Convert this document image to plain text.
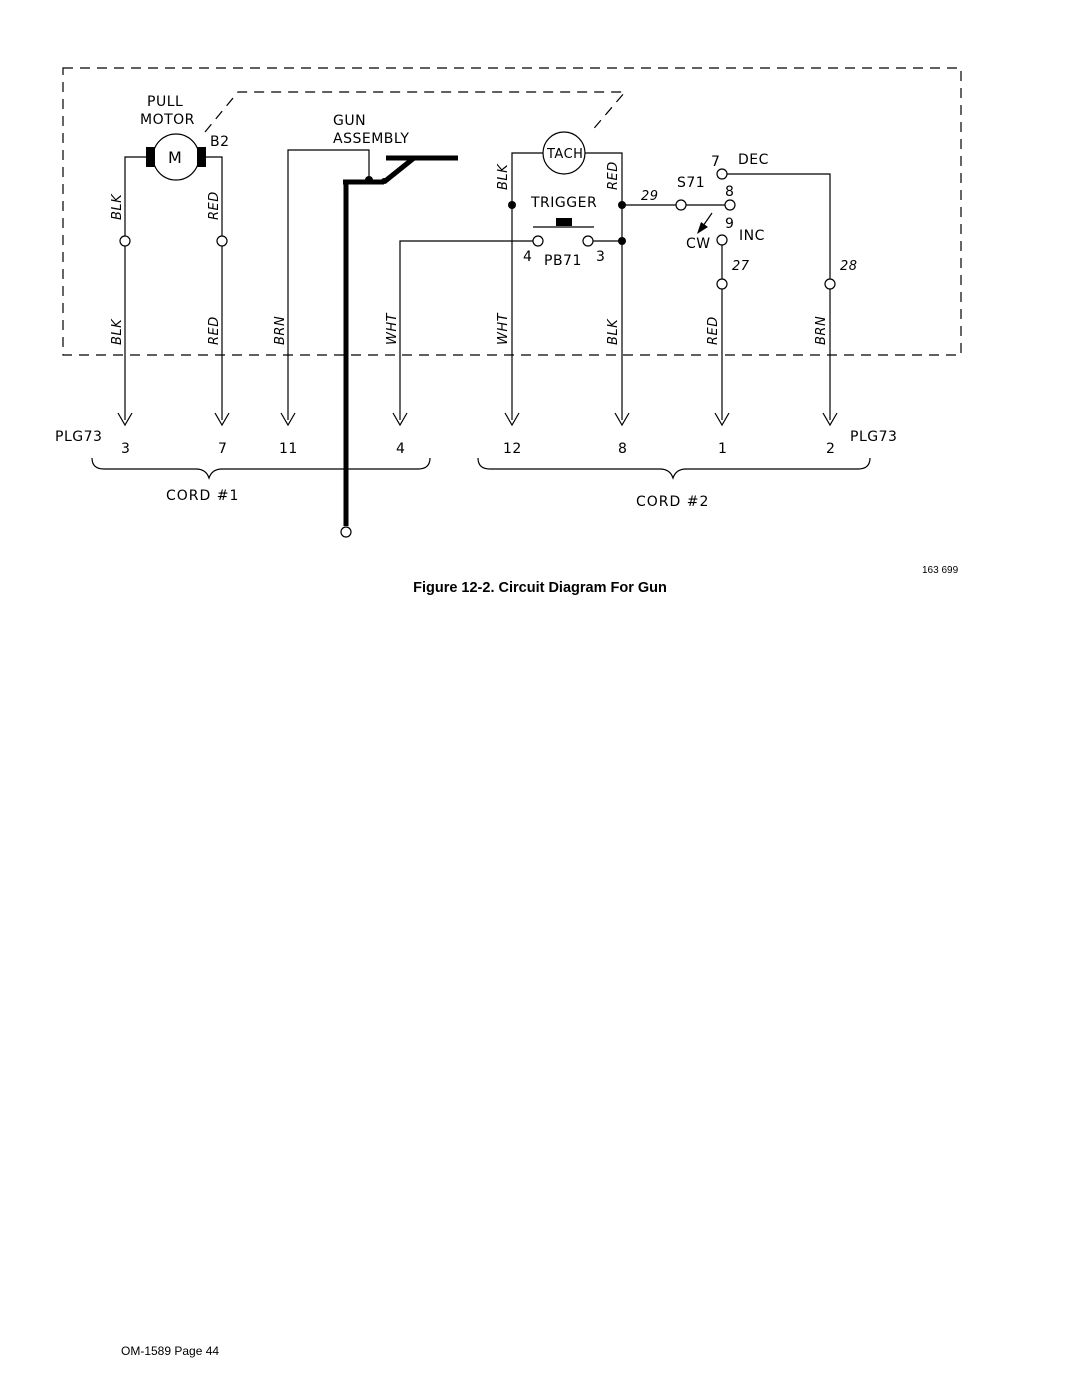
PULL
MOTOR
M
B2
GUN
ASSEMBLY
TACH
TRIGGER
4 PB71 3
29
S71
7
8
9
DEC
INC
CW
28
27
BLK	RED
BLK	RED
BLK	RED	BRN	WHT	WHT	BLK	RED	BRN
PLG73	PLG73
3	7	11	4	12	8	1	2
CORD #1	CORD #2
163 699
Figure 12-2. Circuit Diagram For Gun
OM-1589 Page 44
